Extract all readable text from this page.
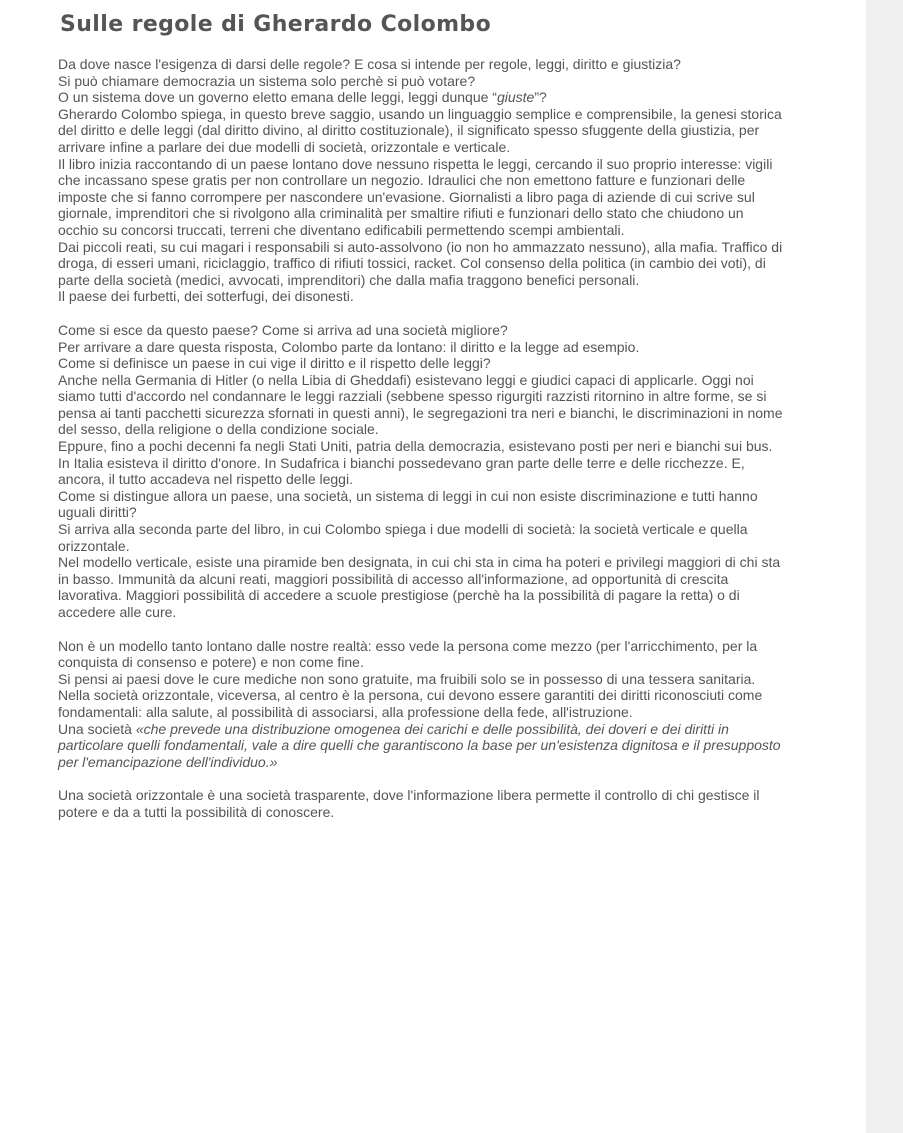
Sulle regole di Gherardo Colombo

Da dove nasce l'esigenza di darsi delle regole? E cosa si intende per regole, leggi, diritto e giustizia?

Si può chiamare democrazia un sistema solo perchè si può votare?

O un sistema dove un governo eletto emana delle leggi, leggi dunque “giuste”?

Gherardo Colombo spiega, in questo breve saggio, usando un linguaggio semplice e comprensibile, la genesi storica del diritto e delle leggi (dal diritto divino, al diritto costituzionale), il significato spesso sfuggente della giustizia, per arrivare infine a parlare dei due modelli di società, orizzontale e verticale.

Il libro inizia raccontando di un paese lontano dove nessuno rispetta le leggi, cercando il suo proprio interesse: vigili che incassano spese gratis per non controllare un negozio. Idraulici che non emettono fatture e funzionari delle imposte che si fanno corrompere per nascondere un'evasione. Giornalisti a libro paga di aziende di cui scrive sul giornale, imprenditori che si rivolgono alla criminalità per smaltire rifiuti e funzionari dello stato che chiudono un occhio su concorsi truccati, terreni che diventano edificabili permettendo scempi ambientali.

Dai piccoli reati, su cui magari i responsabili si auto-assolvono (io non ho ammazzato nessuno), alla mafia. Traffico di droga, di esseri umani, riciclaggio, traffico di rifiuti tossici, racket. Col consenso della politica (in cambio dei voti), di parte della società (medici, avvocati, imprenditori) che dalla mafia traggono benefici personali.

Il paese dei furbetti, dei sotterfugi, dei disonesti.

Come si esce da questo paese? Come si arriva ad una società migliore?

Per arrivare a dare questa risposta, Colombo parte da lontano: il diritto e la legge ad esempio.

Come si definisce un paese in cui vige il diritto e il rispetto delle leggi?

Anche nella Germania di Hitler (o nella Libia di Gheddafi) esistevano leggi e giudici capaci di applicarle. Oggi noi siamo tutti d'accordo nel condannare le leggi razziali (sebbene spesso rigurgiti razzisti ritornino in altre forme, se si pensa ai tanti pacchetti sicurezza sfornati in questi anni), le segregazioni tra neri e bianchi, le discriminazioni in nome del sesso, della religione o della condizione sociale.

Eppure, fino a pochi decenni fa negli Stati Uniti, patria della democrazia, esistevano posti per neri e bianchi sui bus. In Italia esisteva il diritto d'onore. In Sudafrica i bianchi possedevano gran parte delle terre e delle ricchezze. E, ancora, il tutto accadeva nel rispetto delle leggi.

Come si distingue allora un paese, una società, un sistema di leggi in cui non esiste discriminazione e tutti hanno uguali diritti?

Si arriva alla seconda parte del libro, in cui Colombo spiega i due modelli di società: la società verticale e quella orizzontale.

Nel modello verticale, esiste una piramide ben designata, in cui chi sta in cima ha poteri e privilegi maggiori di chi sta in basso. Immunità da alcuni reati, maggiori possibilità di accesso all'informazione, ad opportunità di crescita lavorativa. Maggiori possibilità di accedere a scuole prestigiose (perchè ha la possibilità di pagare la retta) o di accedere alle cure.

Non è un modello tanto lontano dalle nostre realtà: esso vede la persona come mezzo (per l'arricchimento, per la conquista di consenso e potere) e non come fine.

Si pensi ai paesi dove le cure mediche non sono gratuite, ma fruibili solo se in possesso di una tessera sanitaria.

Nella società orizzontale, viceversa, al centro è la persona, cui devono essere garantiti dei diritti riconosciuti come fondamentali: alla salute, al possibilità di associarsi, alla professione della fede, all'istruzione.

Una società «che prevede una distribuzione omogenea dei carichi e delle possibilità, dei doveri e dei diritti in particolare quelli fondamentali, vale a dire quelli che garantiscono la base per un'esistenza dignitosa e il presupposto per l'emancipazione dell'individuo.»

Una società orizzontale è una società trasparente, dove l'informazione libera permette il controllo di chi gestisce il potere e da a tutti la possibilità di conoscere.
